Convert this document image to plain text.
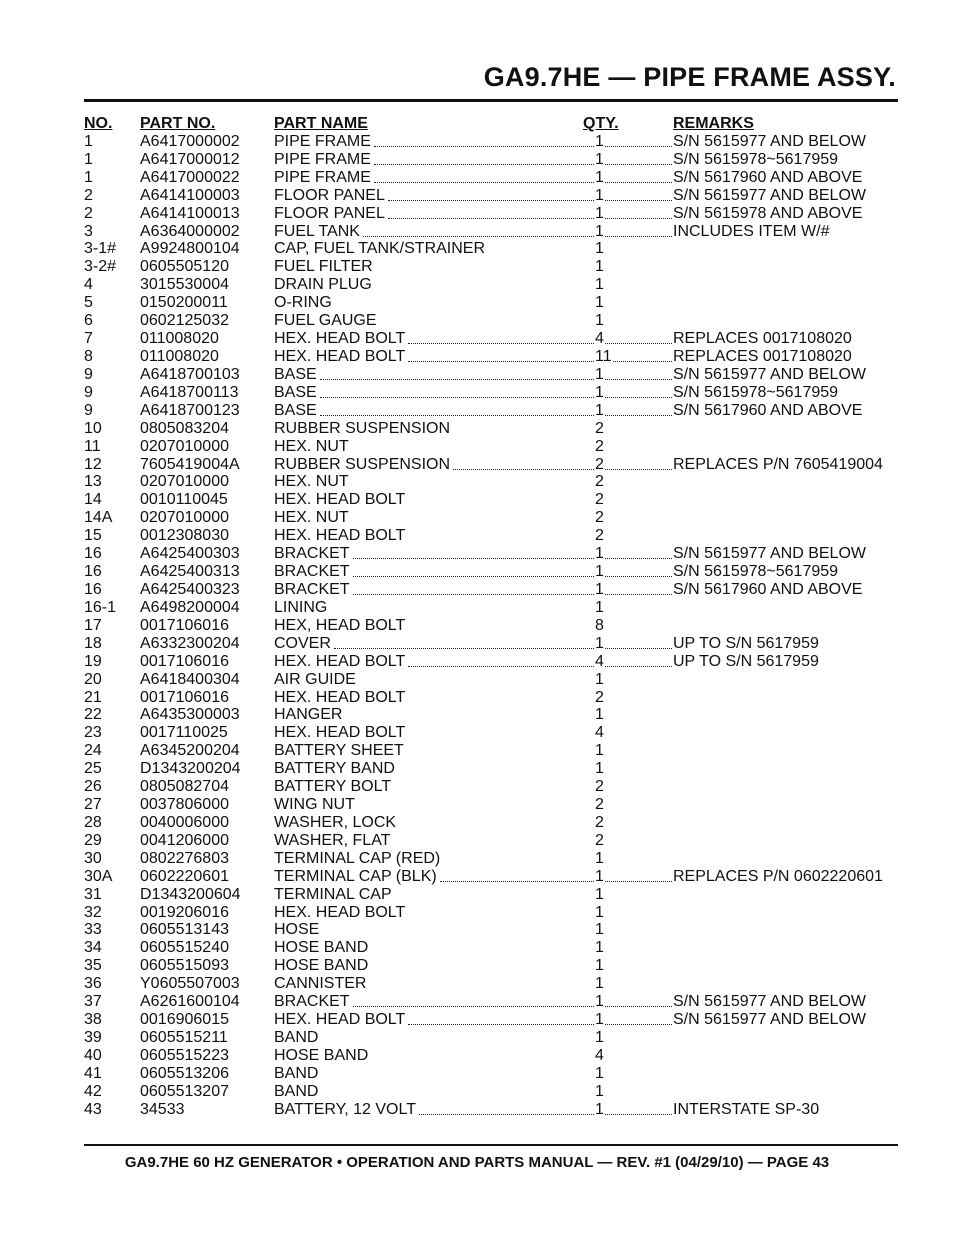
GA9.7HE — PIPE FRAME ASSY.
NO. PART NO.	PART NAME	QTY.	REMARKS
1	A6417000002 PIPE FRAME	1	S/N 5615977 AND BELOW
1	A6417000012 PIPE FRAME	1	S/N 5615978~5617959
1	A6417000022 PIPE FRAME	1	S/N 5617960 AND ABOVE
2	A6414100003 FLOOR PANEL	1	S/N 5615977 AND BELOW
2	A6414100013 FLOOR PANEL	1	S/N 5615978 AND ABOVE
3	A6364000002 FUEL TANK	1	INCLUDES ITEM W/#
3-1# A9924800104 CAP, FUEL TANK/STRAINER	1
3-2# 0605505120	FUEL FILTER	1
4	3015530004	DRAIN PLUG	1
5	0150200011	O-RING	1
6	0602125032	FUEL GAUGE	1
7	011008020	HEX. HEAD BOLT	4	REPLACES 0017108020
8	011008020	HEX. HEAD BOLT	11	REPLACES 0017108020
9	A6418700103 BASE	1	S/N 5615977 AND BELOW
9	A6418700113 BASE	1	S/N 5615978~5617959
9	A6418700123 BASE	1	S/N 5617960 AND ABOVE
10 0805083204	RUBBER SUSPENSION	2
11 0207010000	HEX. NUT	2
12 7605419004A RUBBER SUSPENSION	2	REPLACES P/N 7605419004
13 0207010000	HEX. NUT	2
14 0010110045	HEX. HEAD BOLT	2
14A 0207010000	HEX. NUT	2
15 0012308030	HEX. HEAD BOLT	2
16 A6425400303 BRACKET	1	S/N 5615977 AND BELOW
16 A6425400313 BRACKET	1	S/N 5615978~5617959
16 A6425400323 BRACKET	1	S/N 5617960 AND ABOVE
16-1 A6498200004 LINING	1
17 0017106016	HEX, HEAD BOLT	8
18 A6332300204 COVER	1	UP TO S/N 5617959
19 0017106016	HEX. HEAD BOLT	4	UP TO S/N 5617959
20 A6418400304 AIR GUIDE	1
21 0017106016	HEX. HEAD BOLT	2
22 A6435300003 HANGER	1
23 0017110025	HEX. HEAD BOLT	4
24 A6345200204 BATTERY SHEET	1
25 D1343200204 BATTERY BAND	1
26 0805082704	BATTERY BOLT	2
27 0037806000	WING NUT	2
28 0040006000	WASHER, LOCK	2
29 0041206000	WASHER, FLAT	2
30 0802276803	TERMINAL CAP (RED)	1
30A 0602220601	TERMINAL CAP (BLK)	1	REPLACES P/N 0602220601
31 D1343200604 TERMINAL CAP	1
32 0019206016	HEX. HEAD BOLT	1
33 0605513143	HOSE	1
34 0605515240	HOSE BAND	1
35 0605515093	HOSE BAND	1
36 Y0605507003 CANNISTER	1
37 A6261600104 BRACKET	1	S/N 5615977 AND BELOW
38 0016906015	HEX. HEAD BOLT	1	S/N 5615977 AND BELOW
39 0605515211	BAND	1
40 0605515223	HOSE BAND	4
41 0605513206	BAND	1
42 0605513207	BAND	1
43 34533	BATTERY, 12 VOLT	1	INTERSTATE SP-30
GA9.7HE 60 HZ GENERATOR • OPERATION AND PARTS MANUAL — REV. #1 (04/29/10) — PAGE 43
